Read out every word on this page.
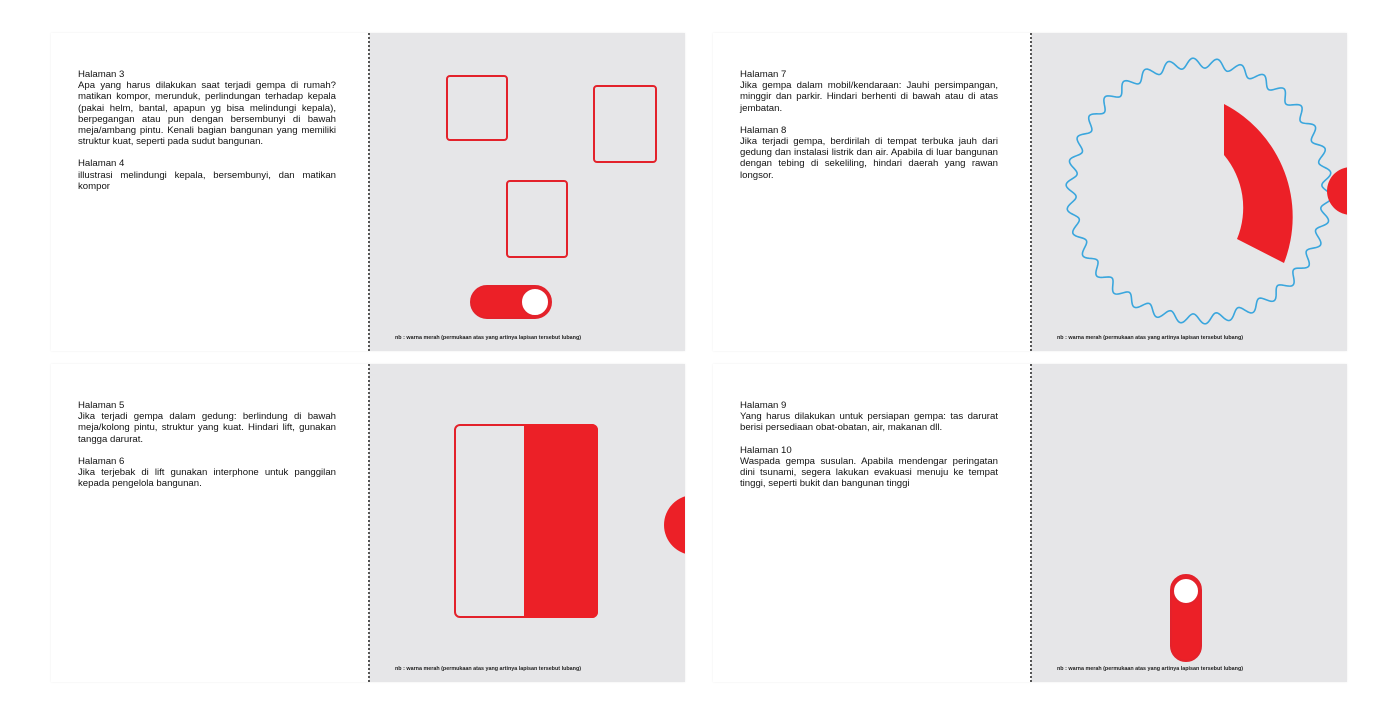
Halaman 3
Apa yang harus dilakukan saat terjadi gempa di rumah? matikan kompor, merunduk, perlindungan terhadap kepala (pakai helm, bantal, apapun yg bisa melindungi kepala), berpegangan atau pun dengan bersembunyi di bawah meja/ambang pintu. Kenali bagian bangunan yang memiliki struktur kuat, seperti pada sudut bangunan.

Halaman 4
illustrasi melindungi kepala, bersembunyi, dan matikan kompor

nb : warna merah (permukaan atas yang artinya lapisan tersebut lubang)

Halaman 7
Jika gempa dalam mobil/kendaraan: Jauhi persimpangan, minggir dan parkir. Hindari berhenti di bawah atau di atas jembatan.

Halaman 8
Jika terjadi gempa, berdirilah di tempat terbuka jauh dari gedung dan instalasi listrik dan air. Apabila di luar bangunan dengan tebing di sekeliling, hindari daerah yang rawan longsor.

nb : warna merah (permukaan atas yang artinya lapisan tersebut lubang)

Halaman 5
Jika terjadi gempa dalam gedung: berlindung di bawah meja/kolong pintu, struktur yang kuat. Hindari lift, gunakan tangga darurat.

Halaman 6
Jika terjebak di lift gunakan interphone untuk panggilan kepada pengelola bangunan.

nb : warna merah (permukaan atas yang artinya lapisan tersebut lubang)

Halaman 9
Yang harus dilakukan untuk persiapan gempa: tas darurat berisi persediaan obat-obatan, air, makanan dll.

Halaman 10
Waspada gempa susulan. Apabila mendengar peringatan dini tsunami, segera lakukan evakuasi menuju ke tempat tinggi, seperti bukit dan bangunan tinggi

nb : warna merah (permukaan atas yang artinya lapisan tersebut lubang)
